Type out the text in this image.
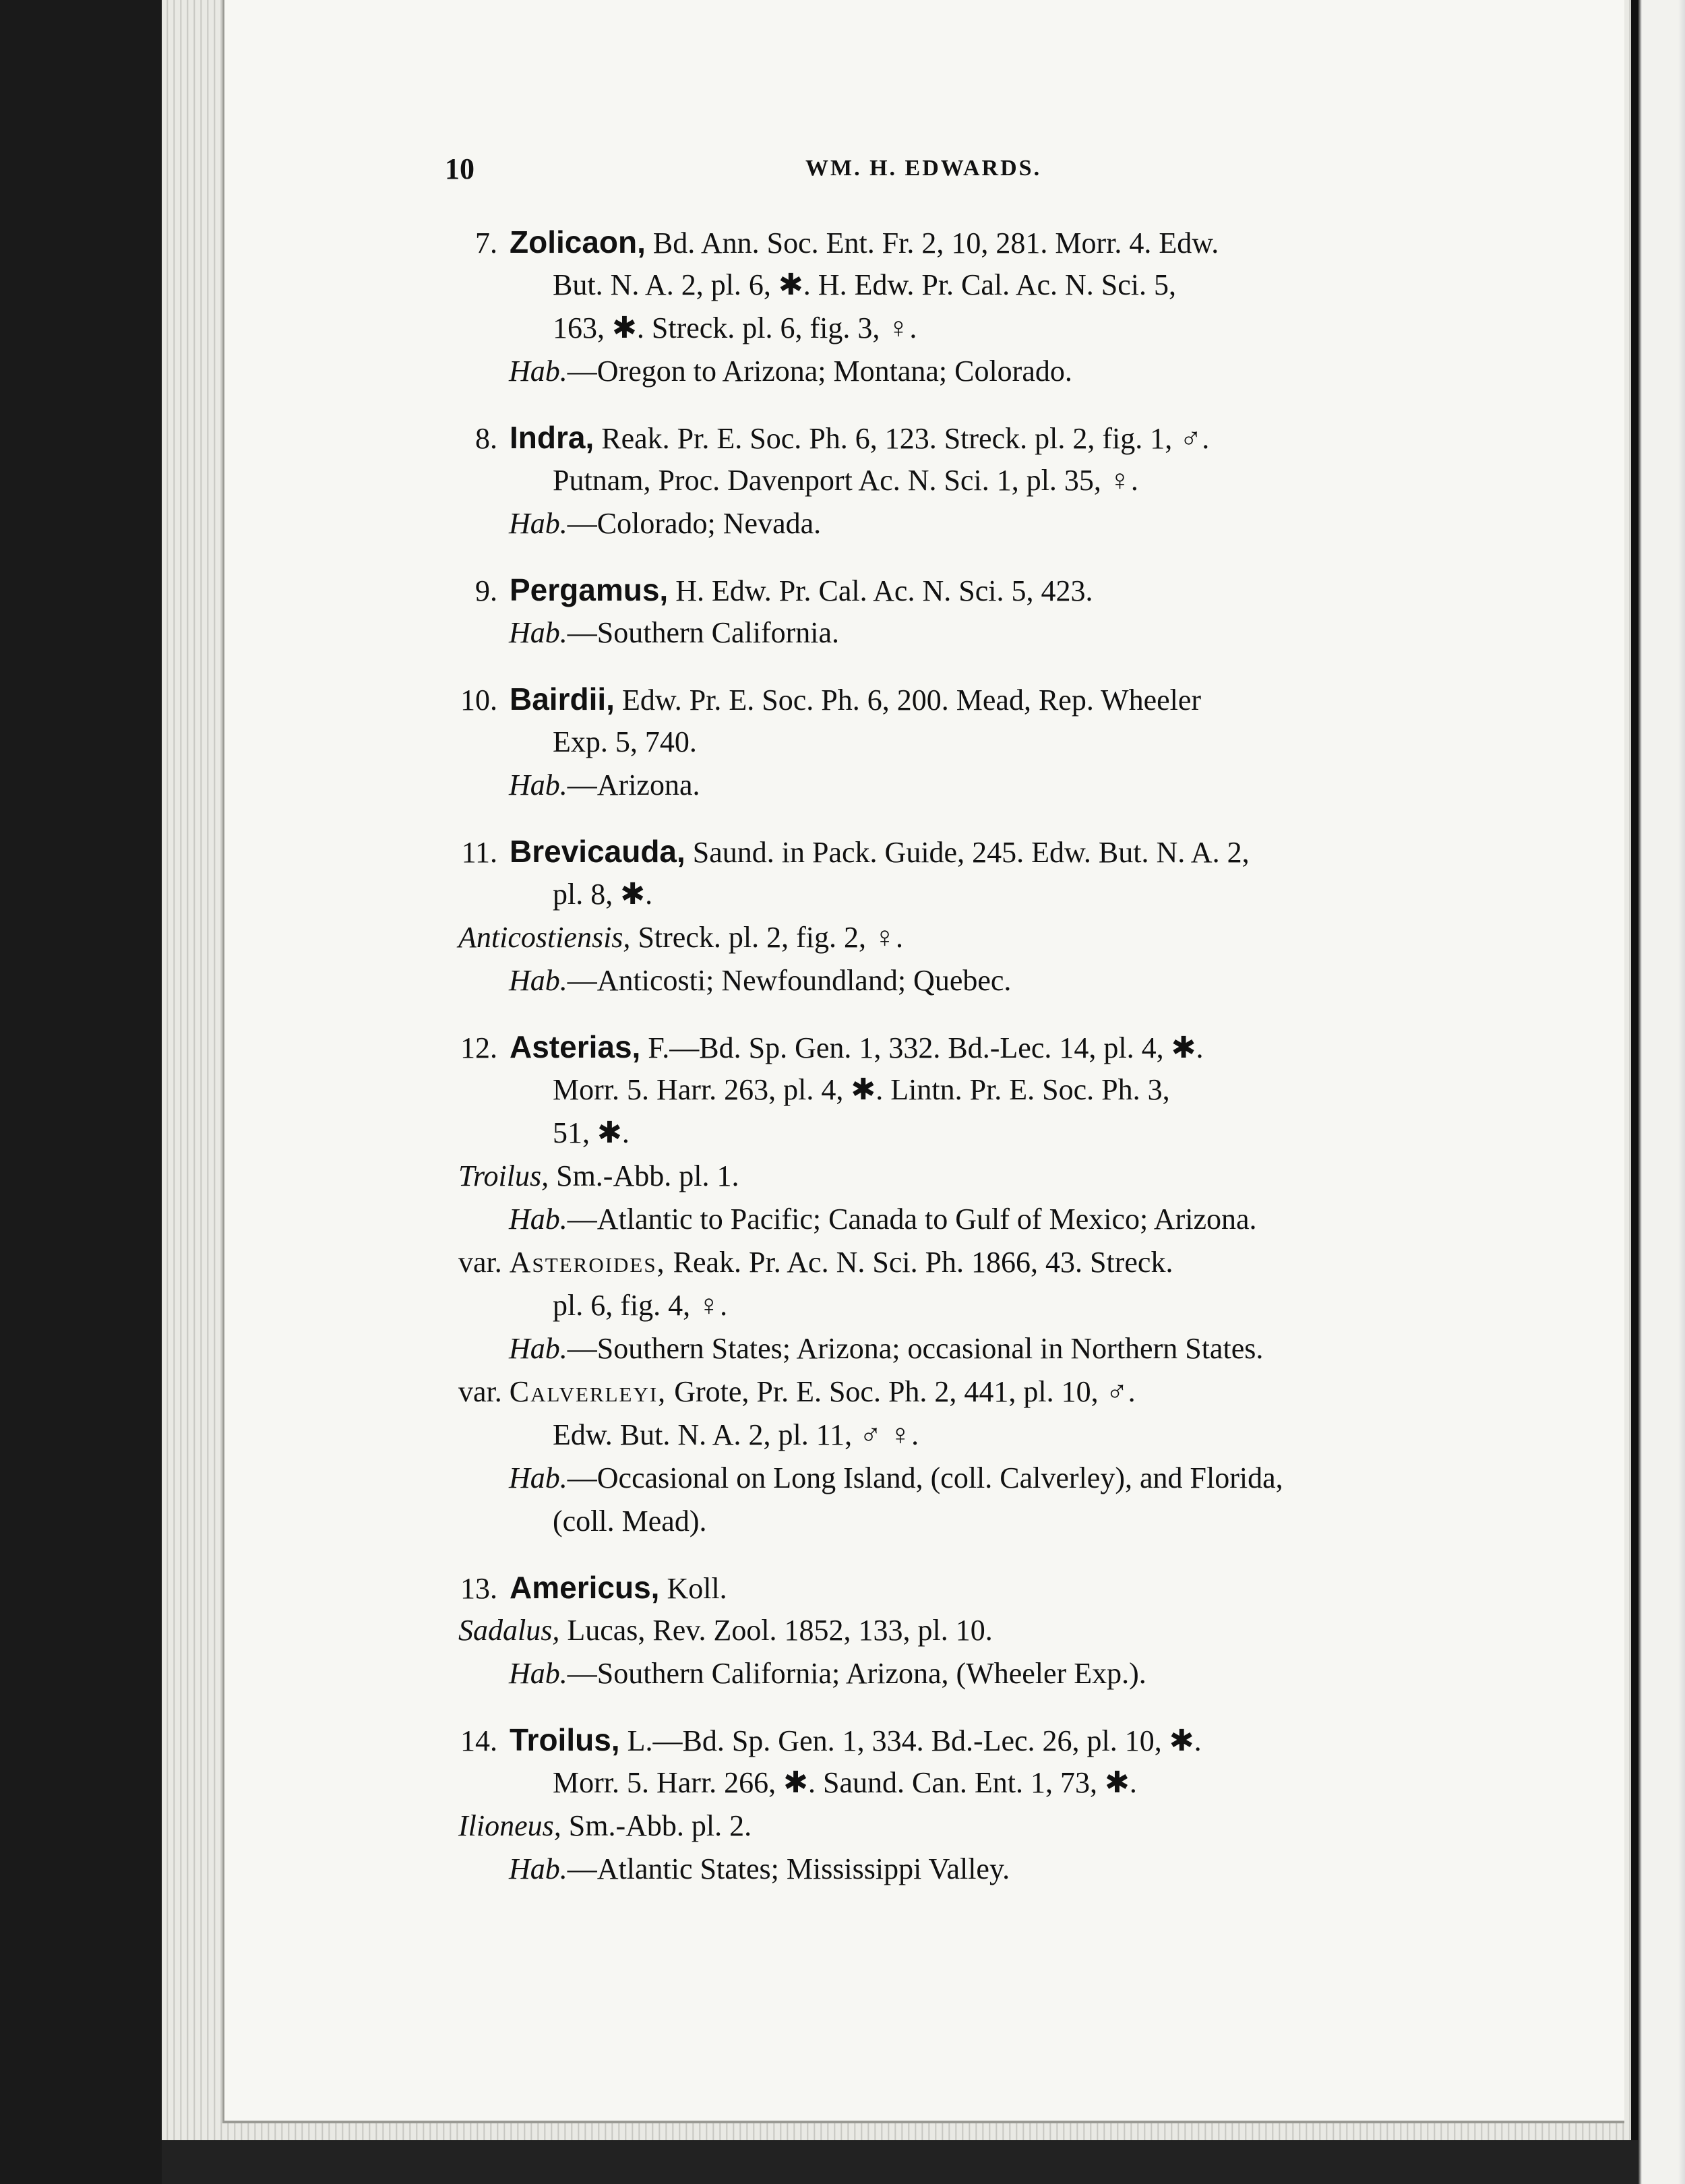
10	WM. H. EDWARDS.
7. Zolicaon, Bd. Ann. Soc. Ent. Fr. 2, 10, 281. Morr. 4. Edw.
But. N. A. 2, pl. 6, ✱. H. Edw. Pr. Cal. Ac. N. Sci. 5,
163, ✱. Streck. pl. 6, fig. 3, ♀.
Hab.—Oregon to Arizona; Montana; Colorado.
8. Indra, Reak. Pr. E. Soc. Ph. 6, 123. Streck. pl. 2, fig. 1, ♂.
Putnam, Proc. Davenport Ac. N. Sci. 1, pl. 35, ♀.
Hab.—Colorado; Nevada.
9. Pergamus, H. Edw. Pr. Cal. Ac. N. Sci. 5, 423.
Hab.—Southern California.
10. Bairdii, Edw. Pr. E. Soc. Ph. 6, 200. Mead, Rep. Wheeler
Exp. 5, 740.
Hab.—Arizona.
11. Brevicauda, Saund. in Pack. Guide, 245. Edw. But. N. A. 2,
pl. 8, ✱.
Anticostiensis, Streck. pl. 2, fig. 2, ♀.
Hab.—Anticosti; Newfoundland; Quebec.
12. Asterias, F.—Bd. Sp. Gen. 1, 332. Bd.-Lec. 14, pl. 4, ✱.
Morr. 5. Harr. 263, pl. 4, ✱. Lintn. Pr. E. Soc. Ph. 3,
51, ✱.
Troilus, Sm.-Abb. pl. 1.
Hab.—Atlantic to Pacific; Canada to Gulf of Mexico; Arizona.
var. Asteroides, Reak. Pr. Ac. N. Sci. Ph. 1866, 43. Streck.
pl. 6, fig. 4, ♀.
Hab.—Southern States; Arizona; occasional in Northern States.
var. Calverleyi, Grote, Pr. E. Soc. Ph. 2, 441, pl. 10, ♂.
Edw. But. N. A. 2, pl. 11, ♂ ♀.
Hab.—Occasional on Long Island, (coll. Calverley), and Florida,
(coll. Mead).
13. Americus, Koll.
Sadalus, Lucas, Rev. Zool. 1852, 133, pl. 10.
Hab.—Southern California; Arizona, (Wheeler Exp.).
14. Troilus, L.—Bd. Sp. Gen. 1, 334. Bd.-Lec. 26, pl. 10, ✱.
Morr. 5. Harr. 266, ✱. Saund. Can. Ent. 1, 73, ✱.
Ilioneus, Sm.-Abb. pl. 2.
Hab.—Atlantic States; Mississippi Valley.
